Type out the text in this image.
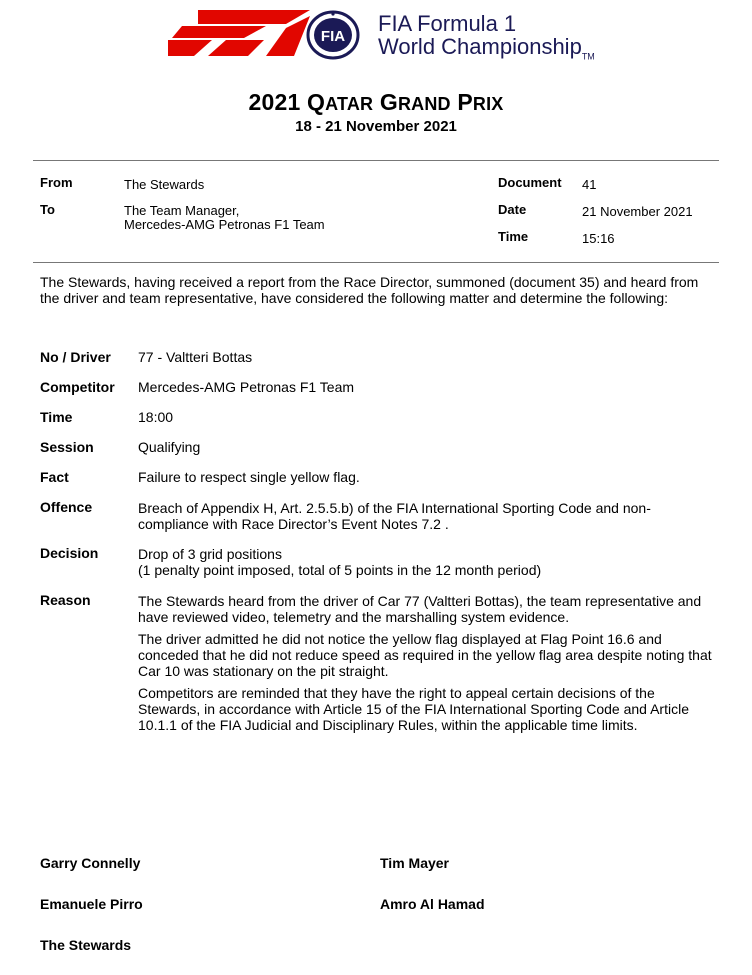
FIA
FIA Formula 1
World Championship$_{TM}$
2021 QATAR GRAND PRIX
18 - 21 November 2021
From	The Stewards
To	The Team Manager,
Mercedes-AMG Petronas F1 Team
Document 41
Date	21 November 2021
Time	15:16
The Stewards, having received a report from the Race Director, summoned (document 35) and heard from the driver and team representative, have considered the following matter and determine the following:
No / Driver 77 - Valtteri Bottas
Competitor Mercedes-AMG Petronas F1 Team
Time	18:00
Session	Qualifying
Fact	Failure to respect single yellow flag.
Offence	Breach of Appendix H, Art. 2.5.5.b) of the FIA International Sporting Code and non-compliance with Race Director’s Event Notes 7.2 .
Decision	Drop of 3 grid positions
(1 penalty point imposed, total of 5 points in the 12 month period)
Reason	The Stewards heard from the driver of Car 77 (Valtteri Bottas), the team representative and have reviewed video, telemetry and the marshalling system evidence.

The driver admitted he did not notice the yellow flag displayed at Flag Point 16.6 and conceded that he did not reduce speed as required in the yellow flag area despite noting that Car 10 was stationary on the pit straight.

Competitors are reminded that they have the right to appeal certain decisions of the Stewards, in accordance with Article 15 of the FIA International Sporting Code and Article 10.1.1 of the FIA Judicial and Disciplinary Rules, within the applicable time limits.

Garry Connelly	Tim Mayer
Emanuele Pirro	Amro Al Hamad
The Stewards
